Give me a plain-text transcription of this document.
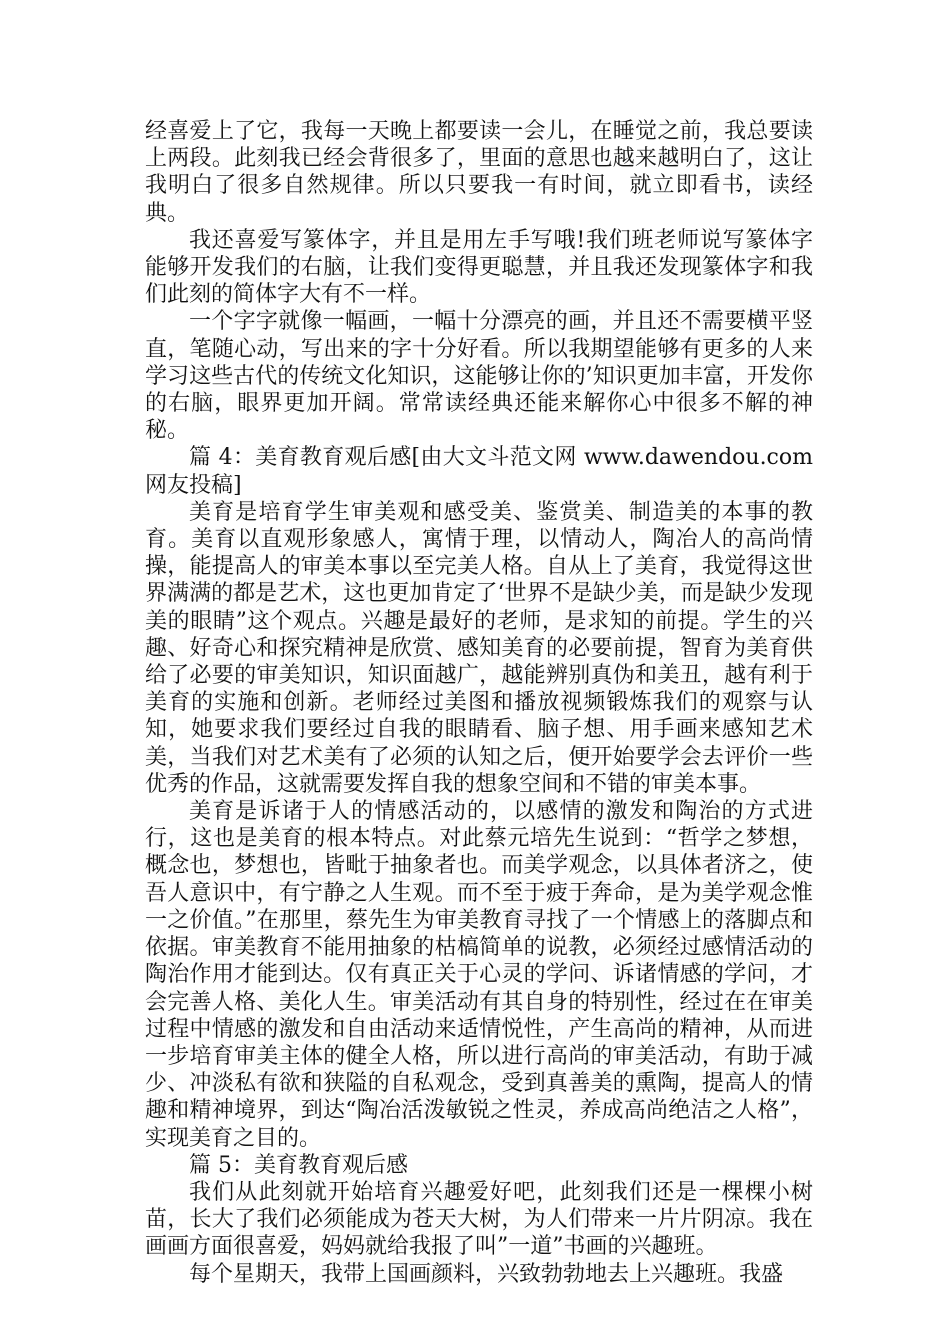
经喜爱上了它，我每一天晚上都要读一会儿，在睡觉之前，我总要读上两段。此刻我已经会背很多了，里面的意思也越来越明白了，这让我明白了很多自然规律。所以只要我一有时间，就立即看书，读经典。

我还喜爱写篆体字，并且是用左手写哦!我们班老师说写篆体字能够开发我们的右脑，让我们变得更聪慧，并且我还发现篆体字和我们此刻的简体字大有不一样。

一个字字就像一幅画，一幅十分漂亮的画，并且还不需要横平竖直，笔随心动，写出来的字十分好看。所以我期望能够有更多的人来学习这些古代的传统文化知识，这能够让你的’知识更加丰富，开发你的右脑，眼界更加开阔。常常读经典还能来解你心中很多不解的神秘。

篇 4：美育教育观后感[由大文斗范文网 www.dawendou.com 网友投稿]

美育是培育学生审美观和感受美、鉴赏美、制造美的本事的教育。美育以直观形象感人，寓情于理，以情动人，陶冶人的高尚情操，能提高人的审美本事以至完美人格。自从上了美育，我觉得这世界满满的都是艺术，这也更加肯定了‘世界不是缺少美，而是缺少发现美的眼睛”这个观点。兴趣是最好的老师，是求知的前提。学生的兴趣、好奇心和探究精神是欣赏、感知美育的必要前提，智育为美育供给了必要的审美知识，知识面越广，越能辨别真伪和美丑，越有利于美育的实施和创新。老师经过美图和播放视频锻炼我们的观察与认知，她要求我们要经过自我的眼睛看、脑子想、用手画来感知艺术美，当我们对艺术美有了必须的认知之后，便开始要学会去评价一些优秀的作品，这就需要发挥自我的想象空间和不错的审美本事。

美育是诉诸于人的情感活动的，以感情的激发和陶治的方式进行，这也是美育的根本特点。对此蔡元培先生说到：“哲学之梦想，概念也，梦想也，皆毗于抽象者也。而美学观念，以具体者济之，使吾人意识中，有宁静之人生观。而不至于疲于奔命，是为美学观念惟一之价值。”在那里，蔡先生为审美教育寻找了一个情感上的落脚点和依据。审美教育不能用抽象的枯槁简单的说教，必须经过感情活动的陶治作用才能到达。仅有真正关于心灵的学问、诉诸情感的学问，才会完善人格、美化人生。审美活动有其自身的特别性，经过在在审美过程中情感的激发和自由活动来适情悦性，产生高尚的精神，从而进一步培育审美主体的健全人格，所以进行高尚的审美活动，有助于减少、冲淡私有欲和狭隘的自私观念，受到真善美的熏陶，提高人的情趣和精神境界，到达“陶冶活泼敏锐之性灵，养成高尚绝洁之人格”，实现美育之目的。

篇 5：美育教育观后感

我们从此刻就开始培育兴趣爱好吧，此刻我们还是一棵棵小树苗，长大了我们必须能成为苍天大树，为人们带来一片片阴凉。我在画画方面很喜爱，妈妈就给我报了叫”一道”书画的兴趣班。

每个星期天，我带上国画颜料，兴致勃勃地去上兴趣班。我盛
